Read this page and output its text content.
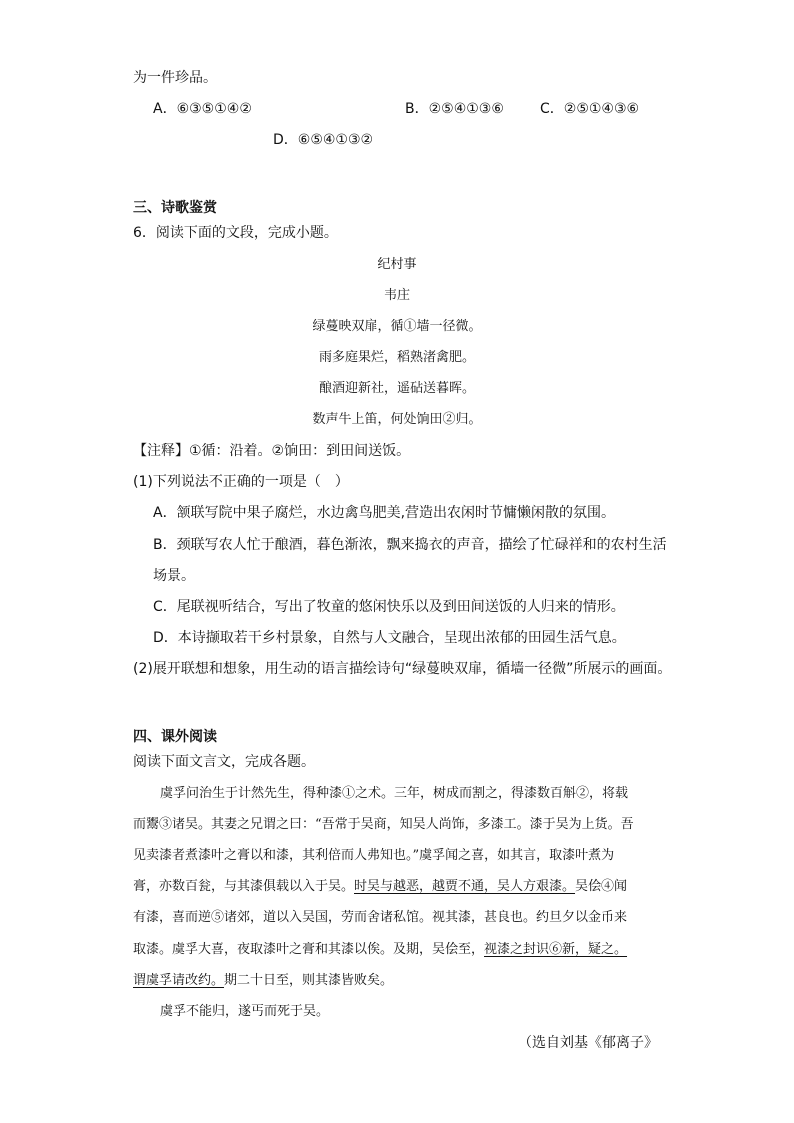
为一件珍品。
A．⑥③⑤①④②	B．②⑤④①③⑥	C．②⑤①④③⑥
D．⑥⑤④①③②
三、诗歌鉴赏
6．阅读下面的文段，完成小题。
纪村事
韦庄
绿蔓映双扉，循①墙一径微。
雨多庭果烂，稻熟渚禽肥。
酿酒迎新社，遥砧送暮晖。
数声牛上笛，何处饷田②归。
【注释】①循：沿着。②饷田：到田间送饭。
(1)下列说法不正确的一项是（　）
A．颔联写院中果子腐烂，水边禽鸟肥美,营造出农闲时节慵懒闲散的氛围。
B．颈联写农人忙于酿酒，暮色渐浓，飘来捣衣的声音，描绘了忙碌祥和的农村生活
场景。
C．尾联视听结合，写出了牧童的悠闲快乐以及到田间送饭的人归来的情形。
D．本诗撷取若干乡村景象，自然与人文融合，呈现出浓郁的田园生活气息。
(2)展开联想和想象，用生动的语言描绘诗句“绿蔓映双扉，循墙一径微”所展示的画面。
四、课外阅读
阅读下面文言文，完成各题。
虞孚问治生于计然先生，得种漆①之术。三年，树成而割之，得漆数百斛②，将载
而鬻③诸吴。其妻之兄谓之曰：“吾常于吴商，知吴人尚饰，多漆工。漆于吴为上货。吾
见卖漆者煮漆叶之膏以和漆，其利倍而人弗知也。”虞孚闻之喜，如其言，取漆叶煮为
膏，亦数百瓮，与其漆俱载以入于吴。时吴与越恶，越贾不通，吴人方艰漆。吴侩④闻
有漆，喜而逆⑤诸郊，道以入吴国，劳而舍诸私馆。视其漆，甚良也。约旦夕以金币来
取漆。虞孚大喜，夜取漆叶之膏和其漆以俟。及期，吴侩至，视漆之封识⑥新，疑之。
谓虞孚请改约。期二十日至，则其漆皆败矣。
虞孚不能归，遂丐而死于吴。
（选自刘基《郁离子》
